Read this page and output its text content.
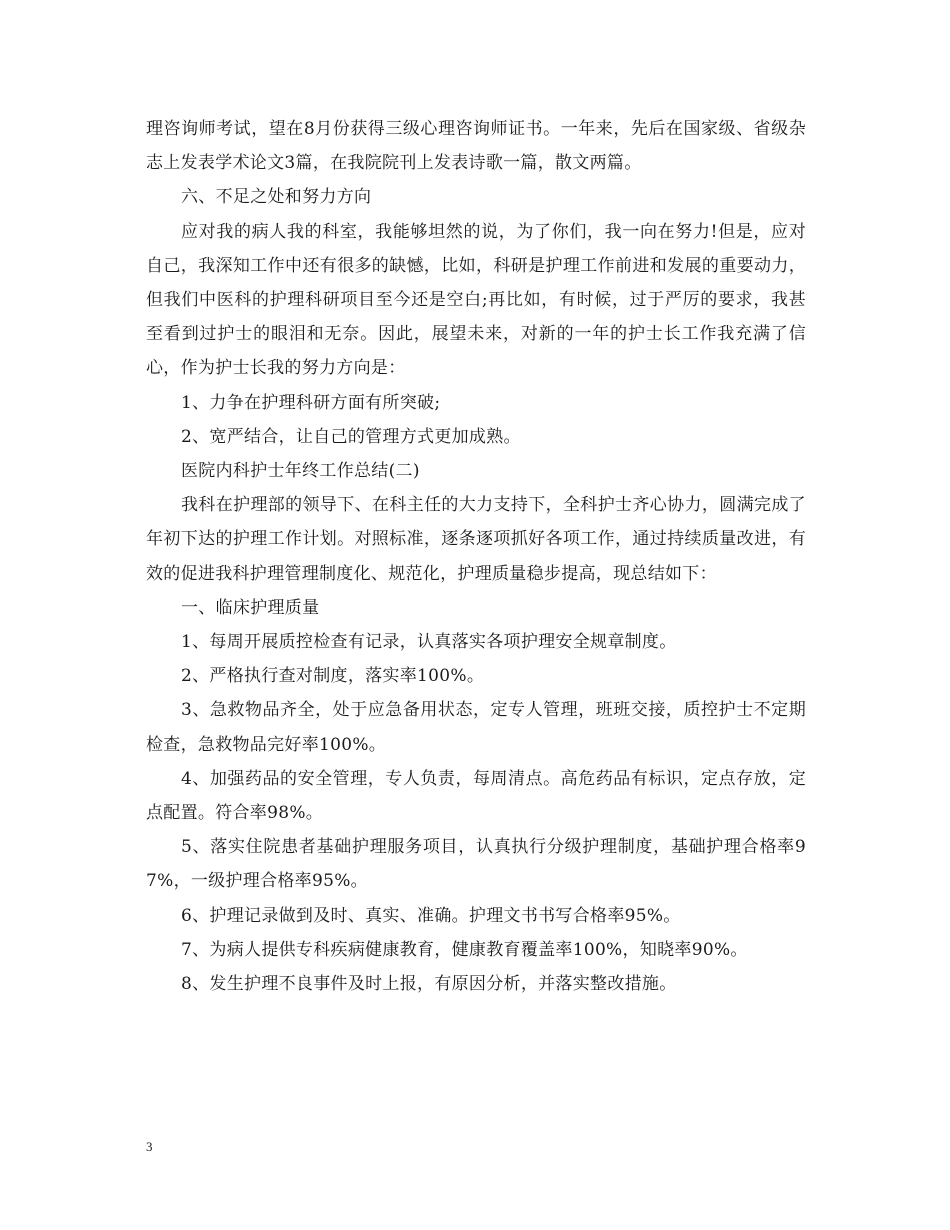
理咨询师考试，望在8月份获得三级心理咨询师证书。一年来，先后在国家级、省级杂志上发表学术论文3篇，在我院院刊上发表诗歌一篇，散文两篇。

六、不足之处和努力方向

应对我的病人我的科室，我能够坦然的说，为了你们，我一向在努力!但是，应对自己，我深知工作中还有很多的缺憾，比如，科研是护理工作前进和发展的重要动力，但我们中医科的护理科研项目至今还是空白;再比如，有时候，过于严厉的要求，我甚至看到过护士的眼泪和无奈。因此，展望未来，对新的一年的护士长工作我充满了信心，作为护士长我的努力方向是：

1、力争在护理科研方面有所突破;

2、宽严结合，让自己的管理方式更加成熟。

医院内科护士年终工作总结(二)

我科在护理部的领导下、在科主任的大力支持下，全科护士齐心协力，圆满完成了年初下达的护理工作计划。对照标准，逐条逐项抓好各项工作，通过持续质量改进，有效的促进我科护理管理制度化、规范化，护理质量稳步提高，现总结如下：

一、临床护理质量

1、每周开展质控检查有记录，认真落实各项护理安全规章制度。

2、严格执行查对制度，落实率100%。

3、急救物品齐全，处于应急备用状态，定专人管理，班班交接，质控护士不定期检查，急救物品完好率100%。

4、加强药品的安全管理，专人负责，每周清点。高危药品有标识，定点存放，定点配置。符合率98%。

5、落实住院患者基础护理服务项目，认真执行分级护理制度，基础护理合格率97%，一级护理合格率95%。

6、护理记录做到及时、真实、准确。护理文书书写合格率95%。

7、为病人提供专科疾病健康教育，健康教育覆盖率100%，知晓率90%。

8、发生护理不良事件及时上报，有原因分析，并落实整改措施。

3
